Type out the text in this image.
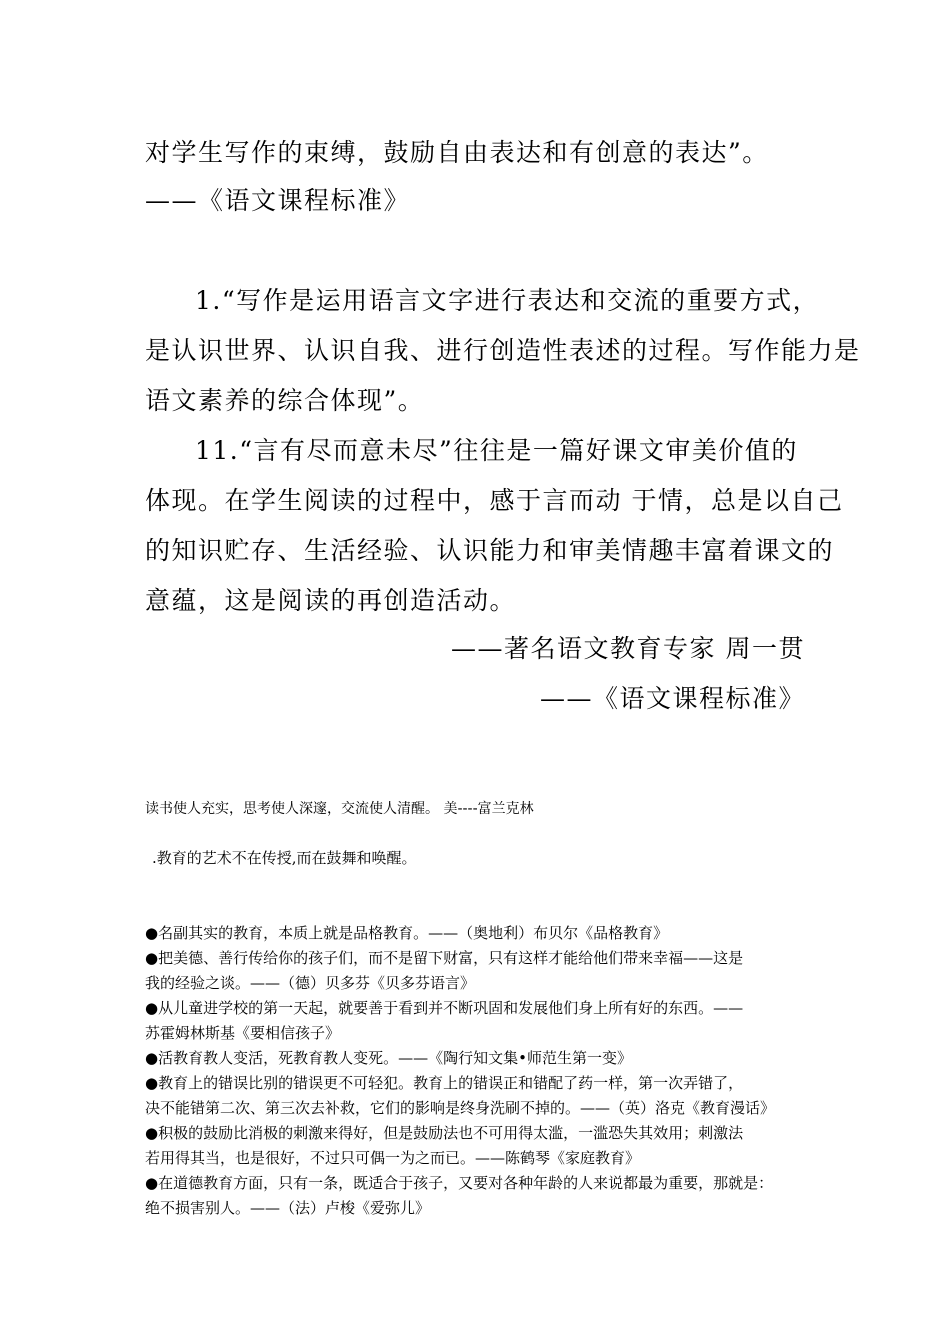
对学生写作的束缚，鼓励自由表达和有创意的表达”。
——《语文课程标准》
1.“写作是运用语言文字进行表达和交流的重要方式，
是认识世界、认识自我、进行创造性表述的过程。写作能力是
语文素养的综合体现”。
11.“言有尽而意未尽”往往是一篇好课文审美价值的
体现。在学生阅读的过程中，感于言而动 于情，总是以自己
的知识贮存、生活经验、认识能力和审美情趣丰富着课文的
意蕴，这是阅读的再创造活动。
——著名语文教育专家 周一贯
——《语文课程标准》
读书使人充实，思考使人深邃，交流使人清醒。 美----富兰克林
.教育的艺术不在传授,而在鼓舞和唤醒。
●名副其实的教育，本质上就是品格教育。——（奥地利）布贝尔《品格教育》
●把美德、善行传给你的孩子们，而不是留下财富，只有这样才能给他们带来幸福——这是
我的经验之谈。——（德）贝多芬《贝多芬语言》
●从儿童进学校的第一天起，就要善于看到并不断巩固和发展他们身上所有好的东西。——
苏霍姆林斯基《要相信孩子》
●活教育教人变活，死教育教人变死。——《陶行知文集•师范生第一变》
●教育上的错误比别的错误更不可轻犯。教育上的错误正和错配了药一样，第一次弄错了，
决不能错第二次、第三次去补救，它们的影响是终身洗刷不掉的。——（英）洛克《教育漫话》
●积极的鼓励比消极的刺激来得好，但是鼓励法也不可用得太滥，一滥恐失其效用；刺激法
若用得其当，也是很好，不过只可偶一为之而已。——陈鹤琴《家庭教育》
●在道德教育方面，只有一条，既适合于孩子，又要对各种年龄的人来说都最为重要，那就是：
绝不损害别人。——（法）卢梭《爱弥儿》
